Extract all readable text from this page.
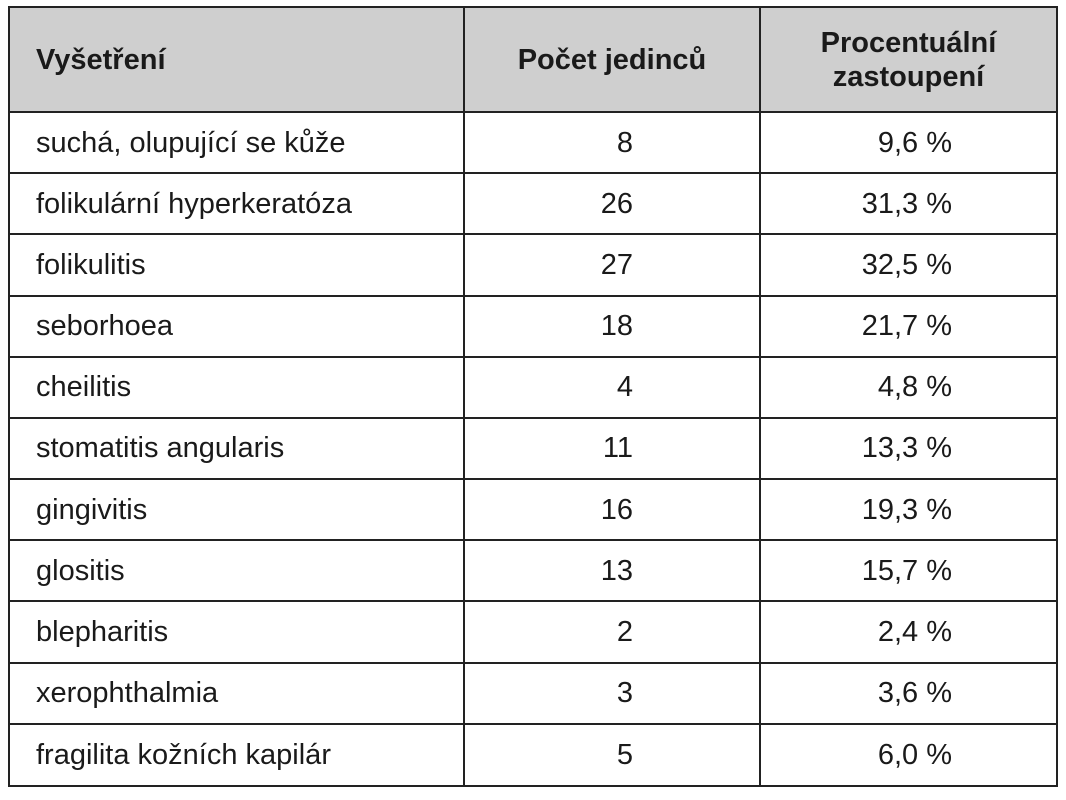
Vyšetření	Počet jedinců	Procentuální
zastoupení
suchá, olupující se kůže	8	9,6 %
folikulární hyperkeratóza	26	31,3 %
folikulitis	27	32,5 %
seborhoea	18	21,7 %
cheilitis	4	4,8 %
stomatitis angularis	11	13,3 %
gingivitis	16	19,3 %
glositis	13	15,7 %
blepharitis	2	2,4 %
xerophthalmia	3	3,6 %
fragilita kožních kapilár	5	6,0 %
